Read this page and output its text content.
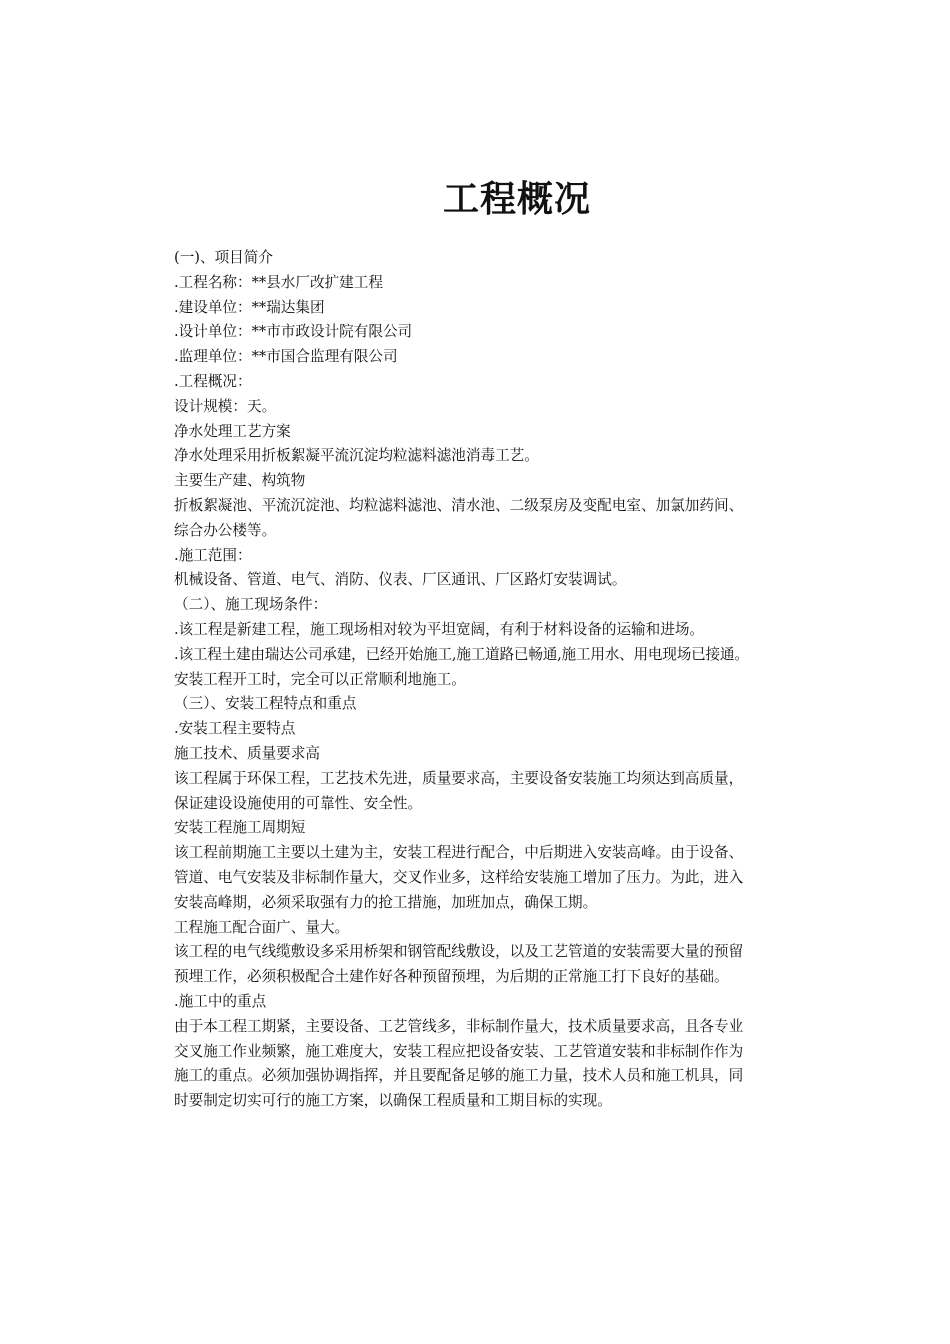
工程概况

(一)、项目简介

.工程名称：**县水厂改扩建工程

.建设单位：**瑞达集团

.设计单位：**市市政设计院有限公司

.监理单位：**市国合监理有限公司

.工程概况：

设计规模：天。

净水处理工艺方案

净水处理采用折板絮凝平流沉淀均粒滤料滤池消毒工艺。

主要生产建、构筑物

折板絮凝池、平流沉淀池、均粒滤料滤池、清水池、二级泵房及变配电室、加氯加药间、

综合办公楼等。

.施工范围：

机械设备、管道、电气、消防、仪表、厂区通讯、厂区路灯安装调试。

（二）、施工现场条件：

.该工程是新建工程，施工现场相对较为平坦宽阔，有利于材料设备的运输和进场。

.该工程土建由瑞达公司承建，已经开始施工,施工道路已畅通,施工用水、用电现场已接通。

安装工程开工时，完全可以正常顺利地施工。

（三）、安装工程特点和重点

.安装工程主要特点

施工技术、质量要求高

该工程属于环保工程，工艺技术先进，质量要求高，主要设备安装施工均须达到高质量，

保证建设设施使用的可靠性、安全性。

安装工程施工周期短

该工程前期施工主要以土建为主，安装工程进行配合，中后期进入安装高峰。由于设备、

管道、电气安装及非标制作量大，交叉作业多，这样给安装施工增加了压力。为此，进入

安装高峰期，必须采取强有力的抢工措施，加班加点，确保工期。

工程施工配合面广、量大。

该工程的电气线缆敷设多采用桥架和钢管配线敷设，以及工艺管道的安装需要大量的预留

预埋工作，必须积极配合土建作好各种预留预埋，为后期的正常施工打下良好的基础。

.施工中的重点

由于本工程工期紧，主要设备、工艺管线多，非标制作量大，技术质量要求高，且各专业

交叉施工作业频繁，施工难度大，安装工程应把设备安装、工艺管道安装和非标制作作为

施工的重点。必须加强协调指挥，并且要配备足够的施工力量，技术人员和施工机具，同

时要制定切实可行的施工方案，以确保工程质量和工期目标的实现。
